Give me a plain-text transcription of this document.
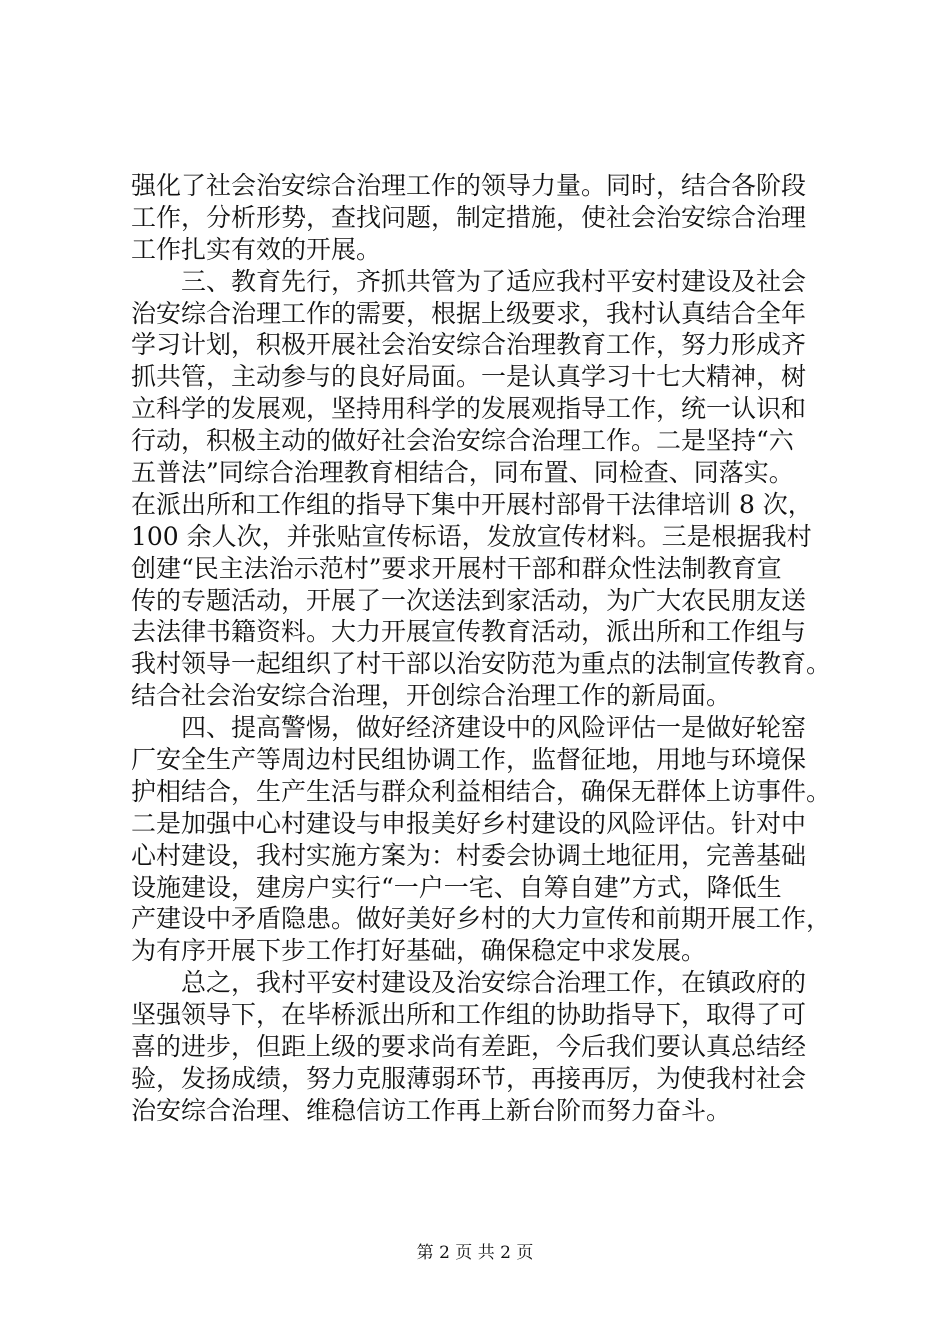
强化了社会治安综合治理工作的领导力量。同时，结合各阶段
工作，分析形势，查找问题，制定措施，使社会治安综合治理
工作扎实有效的开展。
　　三、教育先行，齐抓共管为了适应我村平安村建设及社会
治安综合治理工作的需要，根据上级要求，我村认真结合全年
学习计划，积极开展社会治安综合治理教育工作，努力形成齐
抓共管，主动参与的良好局面。一是认真学习十七大精神，树
立科学的发展观，坚持用科学的发展观指导工作，统一认识和
行动，积极主动的做好社会治安综合治理工作。二是坚持“六
五普法”同综合治理教育相结合，同布置、同检查、同落实。
在派出所和工作组的指导下集中开展村部骨干法律培训 8 次，
100 余人次，并张贴宣传标语，发放宣传材料。三是根据我村
创建“民主法治示范村”要求开展村干部和群众性法制教育宣
传的专题活动，开展了一次送法到家活动，为广大农民朋友送
去法律书籍资料。大力开展宣传教育活动，派出所和工作组与
我村领导一起组织了村干部以治安防范为重点的法制宣传教育。
结合社会治安综合治理，开创综合治理工作的新局面。
　　四、提高警惕，做好经济建设中的风险评估一是做好轮窑
厂安全生产等周边村民组协调工作，监督征地，用地与环境保
护相结合，生产生活与群众利益相结合，确保无群体上访事件。
二是加强中心村建设与申报美好乡村建设的风险评估。针对中
心村建设，我村实施方案为：村委会协调土地征用，完善基础
设施建设，建房户实行“一户一宅、自筹自建”方式，降低生
产建设中矛盾隐患。做好美好乡村的大力宣传和前期开展工作，
为有序开展下步工作打好基础，确保稳定中求发展。
　　总之，我村平安村建设及治安综合治理工作，在镇政府的
坚强领导下，在毕桥派出所和工作组的协助指导下，取得了可
喜的进步，但距上级的要求尚有差距，今后我们要认真总结经
验，发扬成绩，努力克服薄弱环节，再接再厉，为使我村社会
治安综合治理、维稳信访工作再上新台阶而努力奋斗。
第 2 页 共 2 页
